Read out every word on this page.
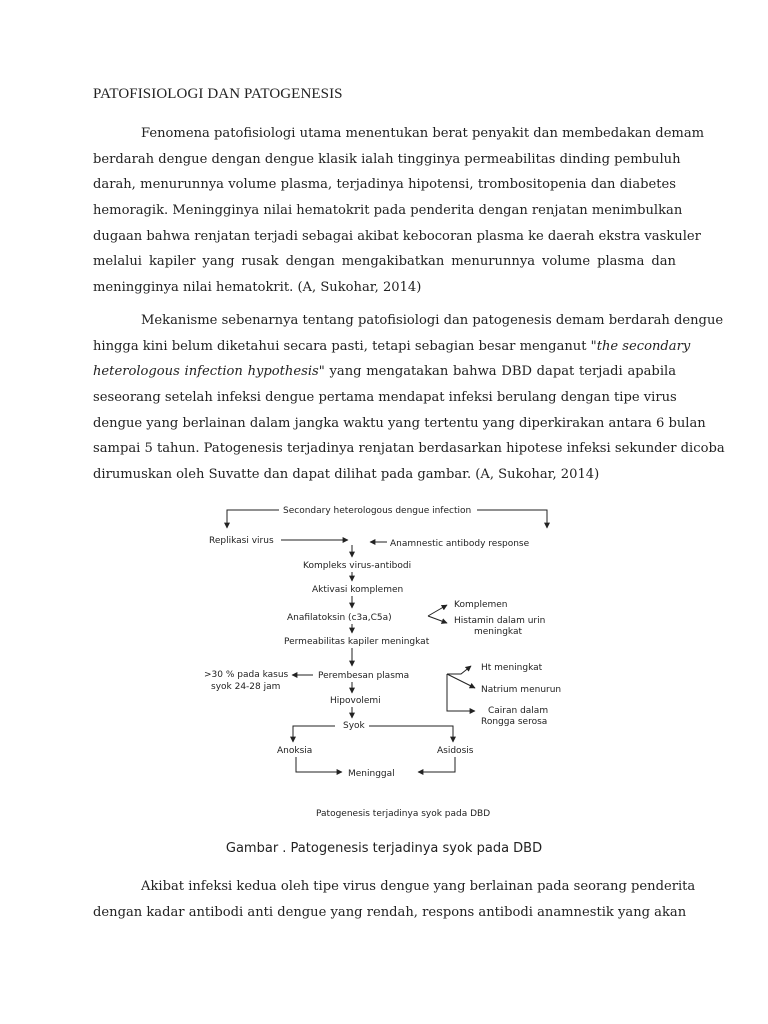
PATOFISIOLOGI DAN PATOGENESIS
Fenomena patofisiologi utama menentukan berat penyakit dan membedakan demam
berdarah dengue dengan dengue klasik ialah tingginya permeabilitas dinding pembuluh
darah, menurunnya volume plasma, terjadinya hipotensi, trombositopenia dan diabetes
hemoragik. Meningginya nilai hematokrit pada penderita dengan renjatan menimbulkan
dugaan bahwa renjatan terjadi sebagai akibat kebocoran plasma ke daerah ekstra vaskuler
melalui kapiler yang rusak dengan mengakibatkan menurunnya volume plasma dan
meningginya nilai hematokrit. (A, Sukohar, 2014)
Mekanisme sebenarnya tentang patofisiologi dan patogenesis demam berdarah dengue
hingga kini belum diketahui secara pasti, tetapi sebagian besar menganut "the secondary
heterologous infection hypothesis" yang mengatakan bahwa DBD dapat terjadi apabila
seseorang setelah infeksi dengue pertama mendapat infeksi berulang dengan tipe virus
dengue yang berlainan dalam jangka waktu yang tertentu yang diperkirakan antara 6 bulan
sampai 5 tahun. Patogenesis terjadinya renjatan berdasarkan hipotese infeksi sekunder dicoba
dirumuskan oleh Suvatte dan dapat dilihat pada gambar. (A, Sukohar, 2014)
Secondary heterologous dengue infection
Replikasi virus	Anamnestic antibody response
Kompleks virus-antibodi
Aktivasi komplemen
Anafilatoksin (c3a,C5a)
Komplemen
Histamin dalam urin
meningkat
Permeabilitas kapiler meningkat
Ht meningkat
>30 % pada kasus
syok 24-28 jam
Perembesan plasma
Natrium menurun
Hipovolemi
Cairan dalam
Rongga serosa
Syok
Anoksia	Asidosis
Meninggal
Patogenesis terjadinya syok pada DBD
Gambar . Patogenesis terjadinya syok pada DBD
Akibat infeksi kedua oleh tipe virus dengue yang berlainan pada seorang penderita
dengan kadar antibodi anti dengue yang rendah, respons antibodi anamnestik yang akan
